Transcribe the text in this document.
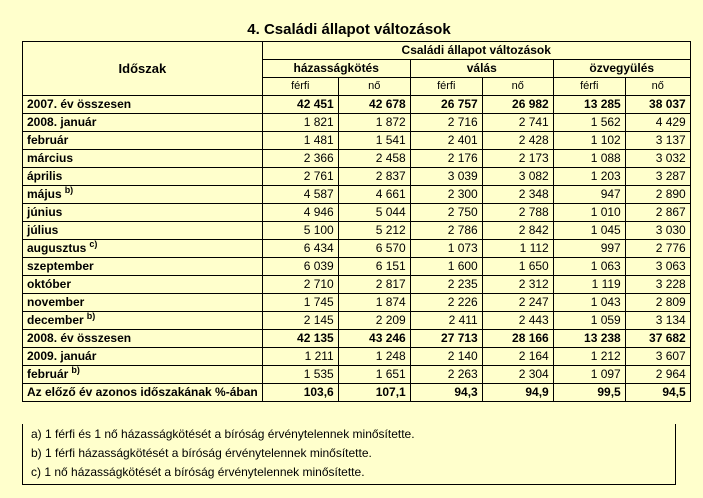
4. Családi állapot változások
Időszak	Családi állapot változások					
	házasságkötés		válás		özvegyülés	
	férfi	nő	férfi	nő	férfi	nő
2007. év összesen	42 451	42 678	26 757	26 982	13 285	38 037
2008. január	1 821	1 872	2 716	2 741	1 562	4 429
február	1 481	1 541	2 401	2 428	1 102	3 137
március	2 366	2 458	2 176	2 173	1 088	3 032
április	2 761	2 837	3 039	3 082	1 203	3 287
május $^{b)}$	4 587	4 661	2 300	2 348	947	2 890
június	4 946	5 044	2 750	2 788	1 010	2 867
július	5 100	5 212	2 786	2 842	1 045	3 030
augusztus $^{c)}$	6 434	6 570	1 073	1 112	997	2 776
szeptember	6 039	6 151	1 600	1 650	1 063	3 063
október	2 710	2 817	2 235	2 312	1 119	3 228
november	1 745	1 874	2 226	2 247	1 043	2 809
december $^{b)}$	2 145	2 209	2 411	2 443	1 059	3 134
2008. év összesen	42 135	43 246	27 713	28 166	13 238	37 682
2009. január	1 211	1 248	2 140	2 164	1 212	3 607
február $^{b)}$	1 535	1 651	2 263	2 304	1 097	2 964
Az előző év azonos időszakának %-ában	103,6	107,1	94,3	94,9	99,5	94,5
a) 1 férfi és 1 nő házasságkötését a bíróság érvénytelennek minősítette.
b) 1 férfi házasságkötését a bíróság érvénytelennek minősítette.
c) 1 nő házasságkötését a bíróság érvénytelennek minősítette.
